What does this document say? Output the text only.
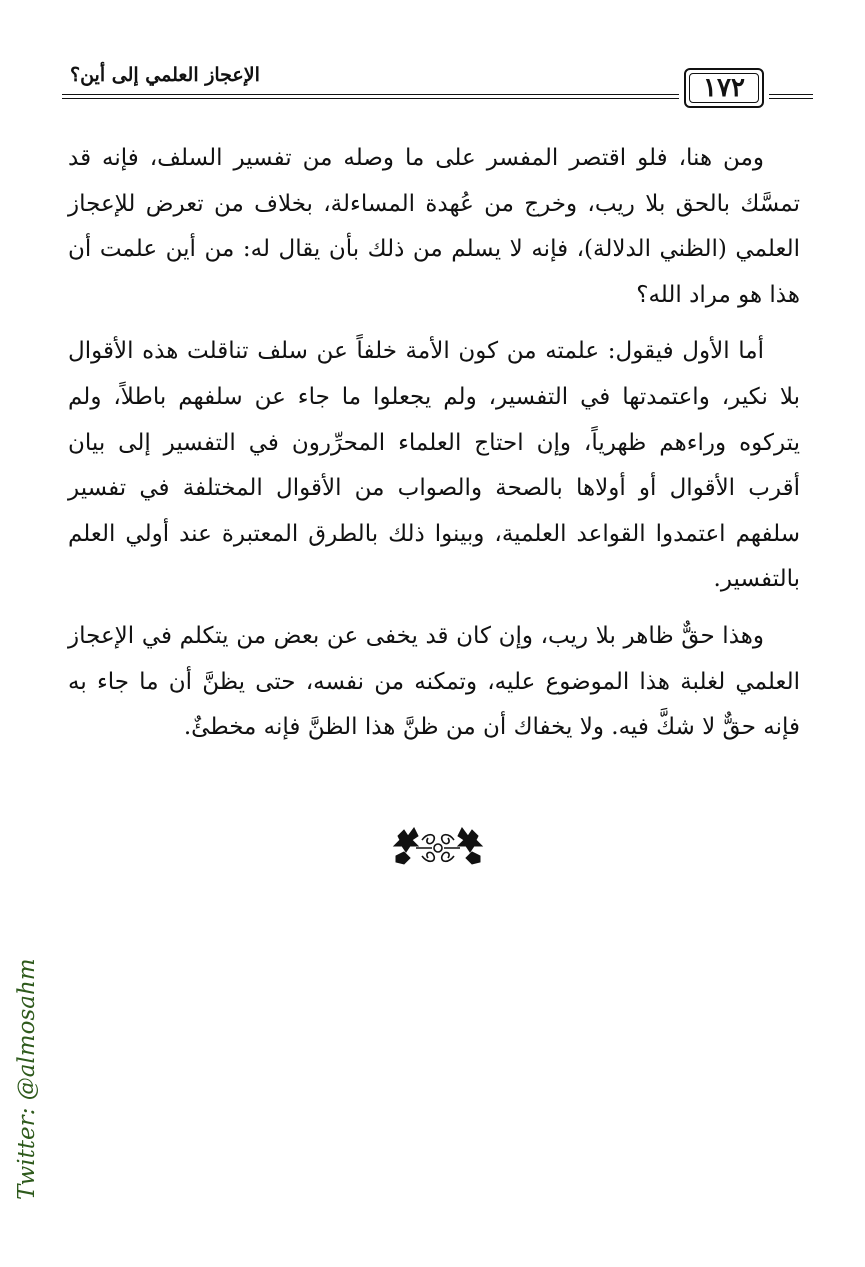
الإعجاز العلمي إلى أين؟	١٧٢

ومن هنا، فلو اقتصر المفسر على ما وصله من تفسير السلف، فإنه قد تمسَّك بالحق بلا ريب، وخرج من عُهدة المساءلة، بخلاف من تعرض للإعجاز العلمي (الظني الدلالة)، فإنه لا يسلم من ذلك بأن يقال له: من أين علمت أن هذا هو مراد الله؟

أما الأول فيقول: علمته من كون الأمة خلفاً عن سلف تناقلت هذه الأقوال بلا نكير، واعتمدتها في التفسير، ولم يجعلوا ما جاء عن سلفهم باطلاً، ولم يتركوه وراءهم ظهرياً، وإن احتاج العلماء المحرِّرون في التفسير إلى بيان أقرب الأقوال أو أولاها بالصحة والصواب من الأقوال المختلفة في تفسير سلفهم اعتمدوا القواعد العلمية، وبينوا ذلك بالطرق المعتبرة عند أولي العلم بالتفسير.

وهذا حقٌّ ظاهر بلا ريب، وإن كان قد يخفى عن بعض من يتكلم في الإعجاز العلمي لغلبة هذا الموضوع عليه، وتمكنه من نفسه، حتى يظنَّ أن ما جاء به فإنه حقٌّ لا شكَّ فيه. ولا يخفاك أن من ظنَّ هذا الظنَّ فإنه مخطئٌ.

Twitter: @almosahm
